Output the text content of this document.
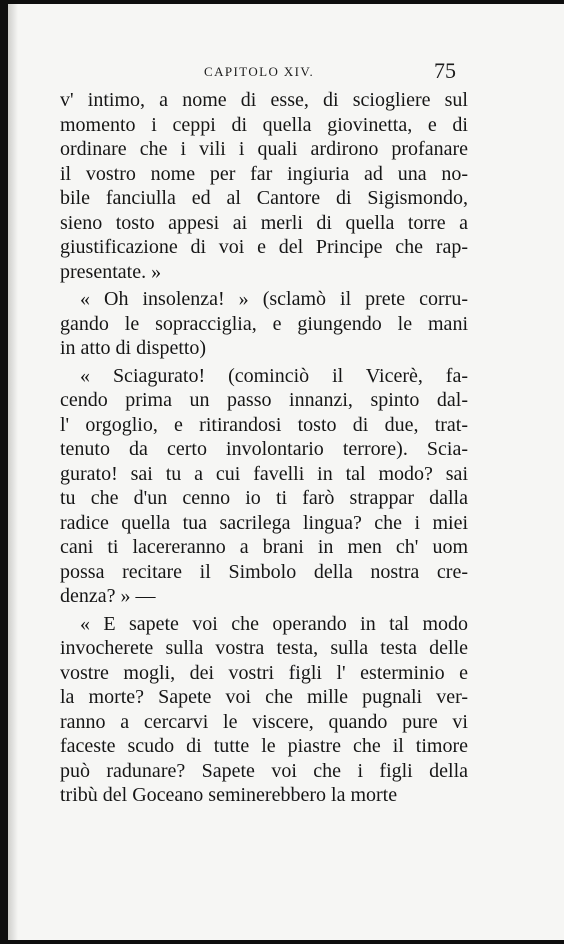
CAPITOLO XIV.	75
v' intimo, a nome di esse, di sciogliere sul
momento i ceppi di quella giovinetta, e di
ordinare che i vili i quali ardirono profanare
il vostro nome per far ingiuria ad una no-
bile fanciulla ed al Cantore di Sigismondo,
sieno tosto appesi ai merli di quella torre a
giustificazione di voi e del Principe che rap-
presentate. »
« Oh insolenza! » (sclamò il prete corru-
gando le sopracciglia, e giungendo le mani
in atto di dispetto)
« Sciagurato! (cominciò il Vicerè, fa-
cendo prima un passo innanzi, spinto dal-
l' orgoglio, e ritirandosi tosto di due, trat-
tenuto da certo involontario terrore). Scia-
gurato! sai tu a cui favelli in tal modo? sai
tu che d'un cenno io ti farò strappar dalla
radice quella tua sacrilega lingua? che i miei
cani ti lacereranno a brani in men ch' uom
possa recitare il Simbolo della nostra cre-
denza? » —
« E sapete voi che operando in tal modo
invocherete sulla vostra testa, sulla testa delle
vostre mogli, dei vostri figli l' esterminio e
la morte? Sapete voi che mille pugnali ver-
ranno a cercarvi le viscere, quando pure vi
faceste scudo di tutte le piastre che il timore
può radunare? Sapete voi che i figli della
tribù del Goceano seminerebbero la morte
